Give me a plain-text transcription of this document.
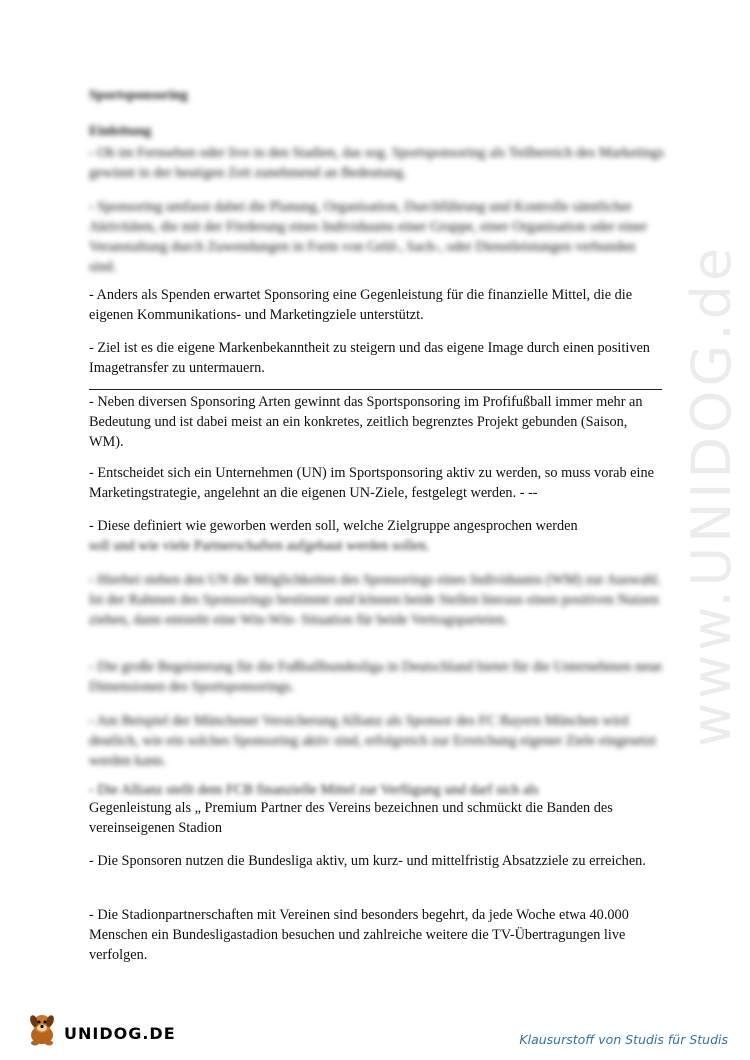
www.UNIDOG.de
Sportsponsoring
Einleitung
- Ob im Fernsehen oder live in den Stadien, das sog. Sportsponsoring als Teilbereich des Marketings gewinnt in der heutigen Zeit zunehmend an Bedeutung.
- Sponsoring umfasst dabei die Planung, Organisation, Durchführung und Kontrolle sämtlicher Aktivitäten, die mit der Förderung eines Individuums einer Gruppe, einer Organisation oder einer Veranstaltung durch Zuwendungen in Form von Geld-, Sach-, oder Dienstleistungen verbunden sind.
- Anders als Spenden erwartet Sponsoring eine Gegenleistung für die finanzielle Mittel, die die eigenen Kommunikations- und Marketingziele unterstützt.
- Ziel ist es die eigene Markenbekanntheit zu steigern und das eigene Image durch einen positiven Imagetransfer zu untermauern.
- Neben diversen Sponsoring Arten gewinnt das Sportsponsoring im Profifußball immer mehr an Bedeutung und ist dabei meist an ein konkretes, zeitlich begrenztes Projekt gebunden (Saison, WM).
- Entscheidet sich ein Unternehmen (UN) im Sportsponsoring aktiv zu werden, so muss vorab eine Marketingstrategie, angelehnt an die eigenen UN-Ziele, festgelegt werden. - --
- Diese definiert wie geworben werden soll, welche Zielgruppe angesprochen werden
soll und wie viele Partnerschaften aufgebaut werden sollen.
- Hierbei stehen den UN die Möglichkeiten des Sponsorings eines Individuums (WM) zur Auswahl. Ist der Rahmen des Sponsorings bestimmt und können beide Stellen hieraus einen positiven Nutzen ziehen, dann entsteht eine Win-Win- Situation für beide Vertragsparteien.
- Die große Begeisterung für die Fußballbundesliga in Deutschland bietet für die Unternehmen neue Dimensionen des Sportsponsorings.
- Am Beispiel der Münchener Versicherung Allianz als Sponsor des FC Bayern München wird deutlich, wie ein solches Sponsoring aktiv sind, erfolgreich zur Erreichung eigener Ziele eingesetzt werden kann.
- Die Allianz stellt dem FCB finanzielle Mittel zur Verfügung und darf sich als
Gegenleistung als „ Premium Partner des Vereins bezeichnen und schmückt die Banden des vereinseigenen Stadion
- Die Sponsoren nutzen die Bundesliga aktiv, um kurz- und mittelfristig Absatzziele zu erreichen.
- Die Stadionpartnerschaften mit Vereinen sind besonders begehrt, da jede Woche etwa 40.000 Menschen ein Bundesligastadion besuchen und zahlreiche weitere die TV-Übertragungen live verfolgen.
UNIDOG.DE	Klausurstoff von Studis für Studis
